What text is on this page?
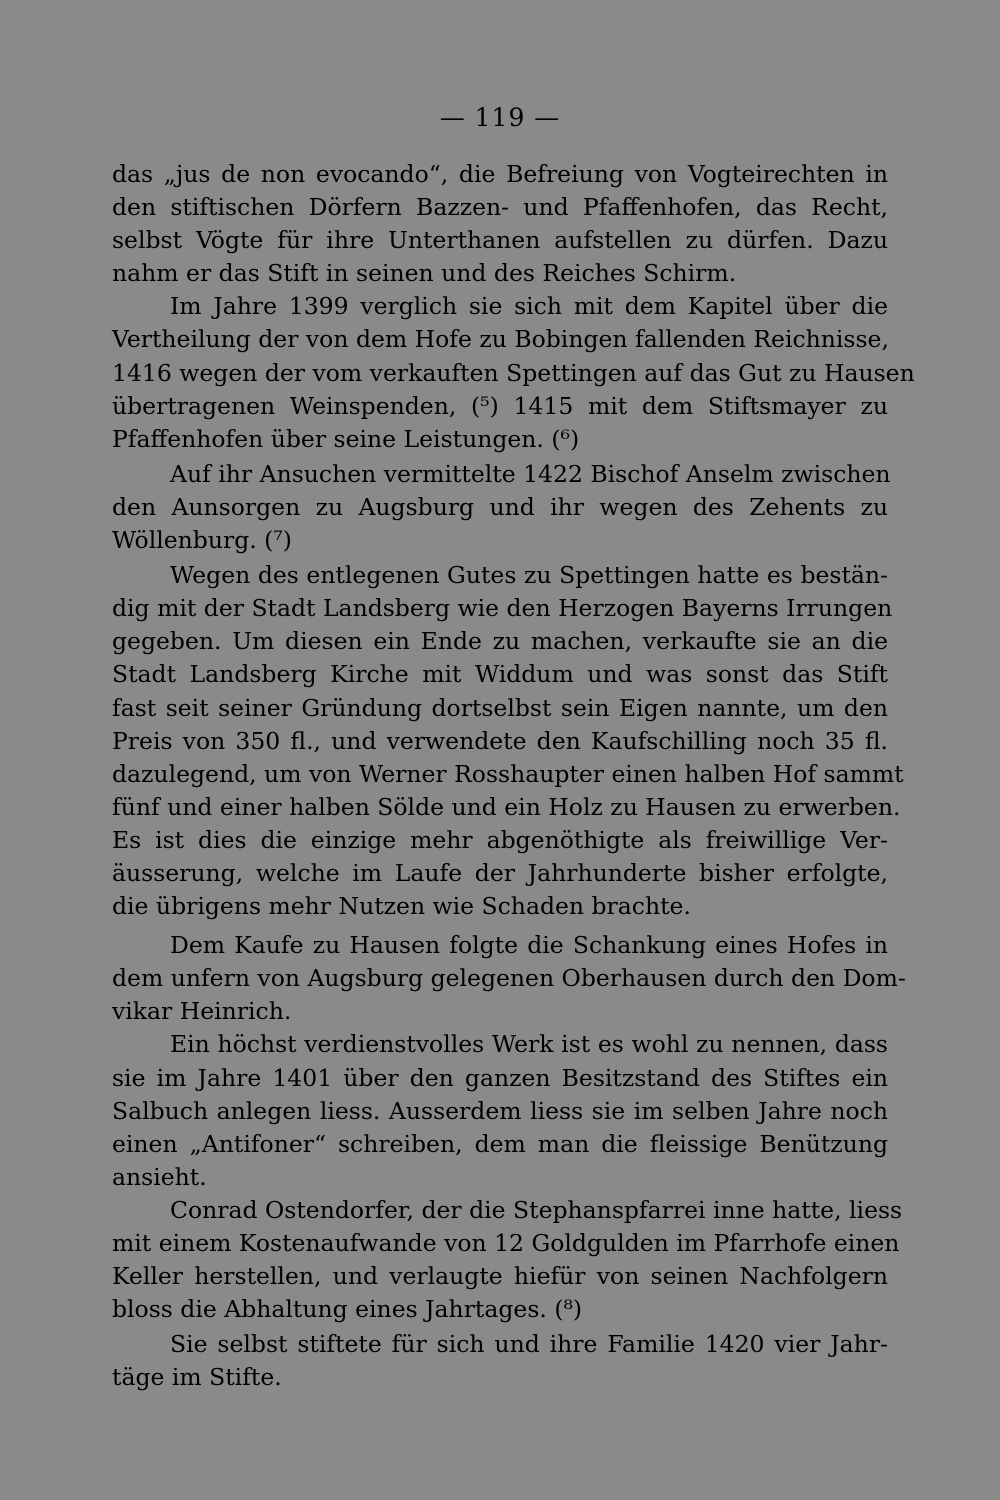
— 119 —
das „jus de non evocando“, die Befreiung von Vogteirechten in
den stiftischen Dörfern Bazzen- und Pfaffenhofen, das Recht,
selbst Vögte für ihre Unterthanen aufstellen zu dürfen. Dazu
nahm er das Stift in seinen und des Reiches Schirm.
Im Jahre 1399 verglich sie sich mit dem Kapitel über die
Vertheilung der von dem Hofe zu Bobingen fallenden Reichnisse,
1416 wegen der vom verkauften Spettingen auf das Gut zu Hausen
übertragenen Weinspenden, (⁵) 1415 mit dem Stiftsmayer zu
Pfaffenhofen über seine Leistungen. (⁶)
Auf ihr Ansuchen vermittelte 1422 Bischof Anselm zwischen
den Aunsorgen zu Augsburg und ihr wegen des Zehents zu
Wöllenburg. (⁷)
Wegen des entlegenen Gutes zu Spettingen hatte es bestän-
dig mit der Stadt Landsberg wie den Herzogen Bayerns Irrungen
gegeben. Um diesen ein Ende zu machen, verkaufte sie an die
Stadt Landsberg Kirche mit Widdum und was sonst das Stift
fast seit seiner Gründung dortselbst sein Eigen nannte, um den
Preis von 350 fl., und verwendete den Kaufschilling noch 35 fl.
dazulegend, um von Werner Rosshaupter einen halben Hof sammt
fünf und einer halben Sölde und ein Holz zu Hausen zu erwerben.
Es ist dies die einzige mehr abgenöthigte als freiwillige Ver-
äusserung, welche im Laufe der Jahrhunderte bisher erfolgte,
die übrigens mehr Nutzen wie Schaden brachte.
Dem Kaufe zu Hausen folgte die Schankung eines Hofes in
dem unfern von Augsburg gelegenen Oberhausen durch den Dom-
vikar Heinrich.
Ein höchst verdienstvolles Werk ist es wohl zu nennen, dass
sie im Jahre 1401 über den ganzen Besitzstand des Stiftes ein
Salbuch anlegen liess. Ausserdem liess sie im selben Jahre noch
einen „Antifoner“ schreiben, dem man die fleissige Benützung
ansieht.
Conrad Ostendorfer, der die Stephanspfarrei inne hatte, liess
mit einem Kostenaufwande von 12 Goldgulden im Pfarrhofe einen
Keller herstellen, und verlaugte hiefür von seinen Nachfolgern
bloss die Abhaltung eines Jahrtages. (⁸)
Sie selbst stiftete für sich und ihre Familie 1420 vier Jahr-
täge im Stifte.
